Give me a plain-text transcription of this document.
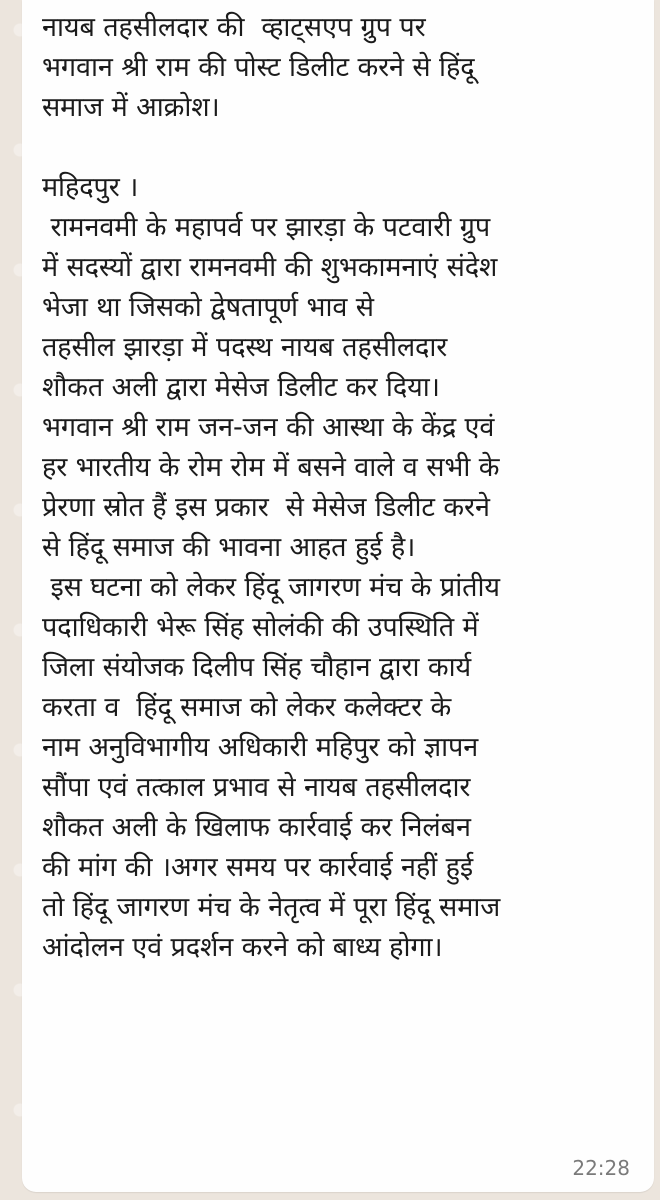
नायब तहसीलदार की  व्हाट्सएप ग्रुप पर
भगवान श्री राम की पोस्ट डिलीट करने से हिंदू
समाज में आक्रोश।
महिदपुर ।
रामनवमी के महापर्व पर झारड़ा के पटवारी ग्रुप
में सदस्यों द्वारा रामनवमी की शुभकामनाएं संदेश
भेजा था जिसको द्वेषतापूर्ण भाव से
तहसील झारड़ा में पदस्थ नायब तहसीलदार
शौकत अली द्वारा मेसेज डिलीट कर दिया।
भगवान श्री राम जन-जन की आस्था के केंद्र एवं
हर भारतीय के रोम रोम में बसने वाले व सभी के
प्रेरणा स्रोत हैं इस प्रकार  से मेसेज डिलीट करने
से हिंदू समाज की भावना आहत हुई है।
इस घटना को लेकर हिंदू जागरण मंच के प्रांतीय
पदाधिकारी भेरू सिंह सोलंकी की उपस्थिति में
जिला संयोजक दिलीप सिंह चौहान द्वारा कार्य
करता व  हिंदू समाज को लेकर कलेक्टर के
नाम अनुविभागीय अधिकारी महिपुर को ज्ञापन
सौंपा एवं तत्काल प्रभाव से नायब तहसीलदार
शौकत अली के खिलाफ कार्रवाई कर निलंबन
की मांग की ।अगर समय पर कार्रवाई नहीं हुई
तो हिंदू जागरण मंच के नेतृत्व में पूरा हिंदू समाज
आंदोलन एवं प्रदर्शन करने को बाध्य होगा।
22:28
